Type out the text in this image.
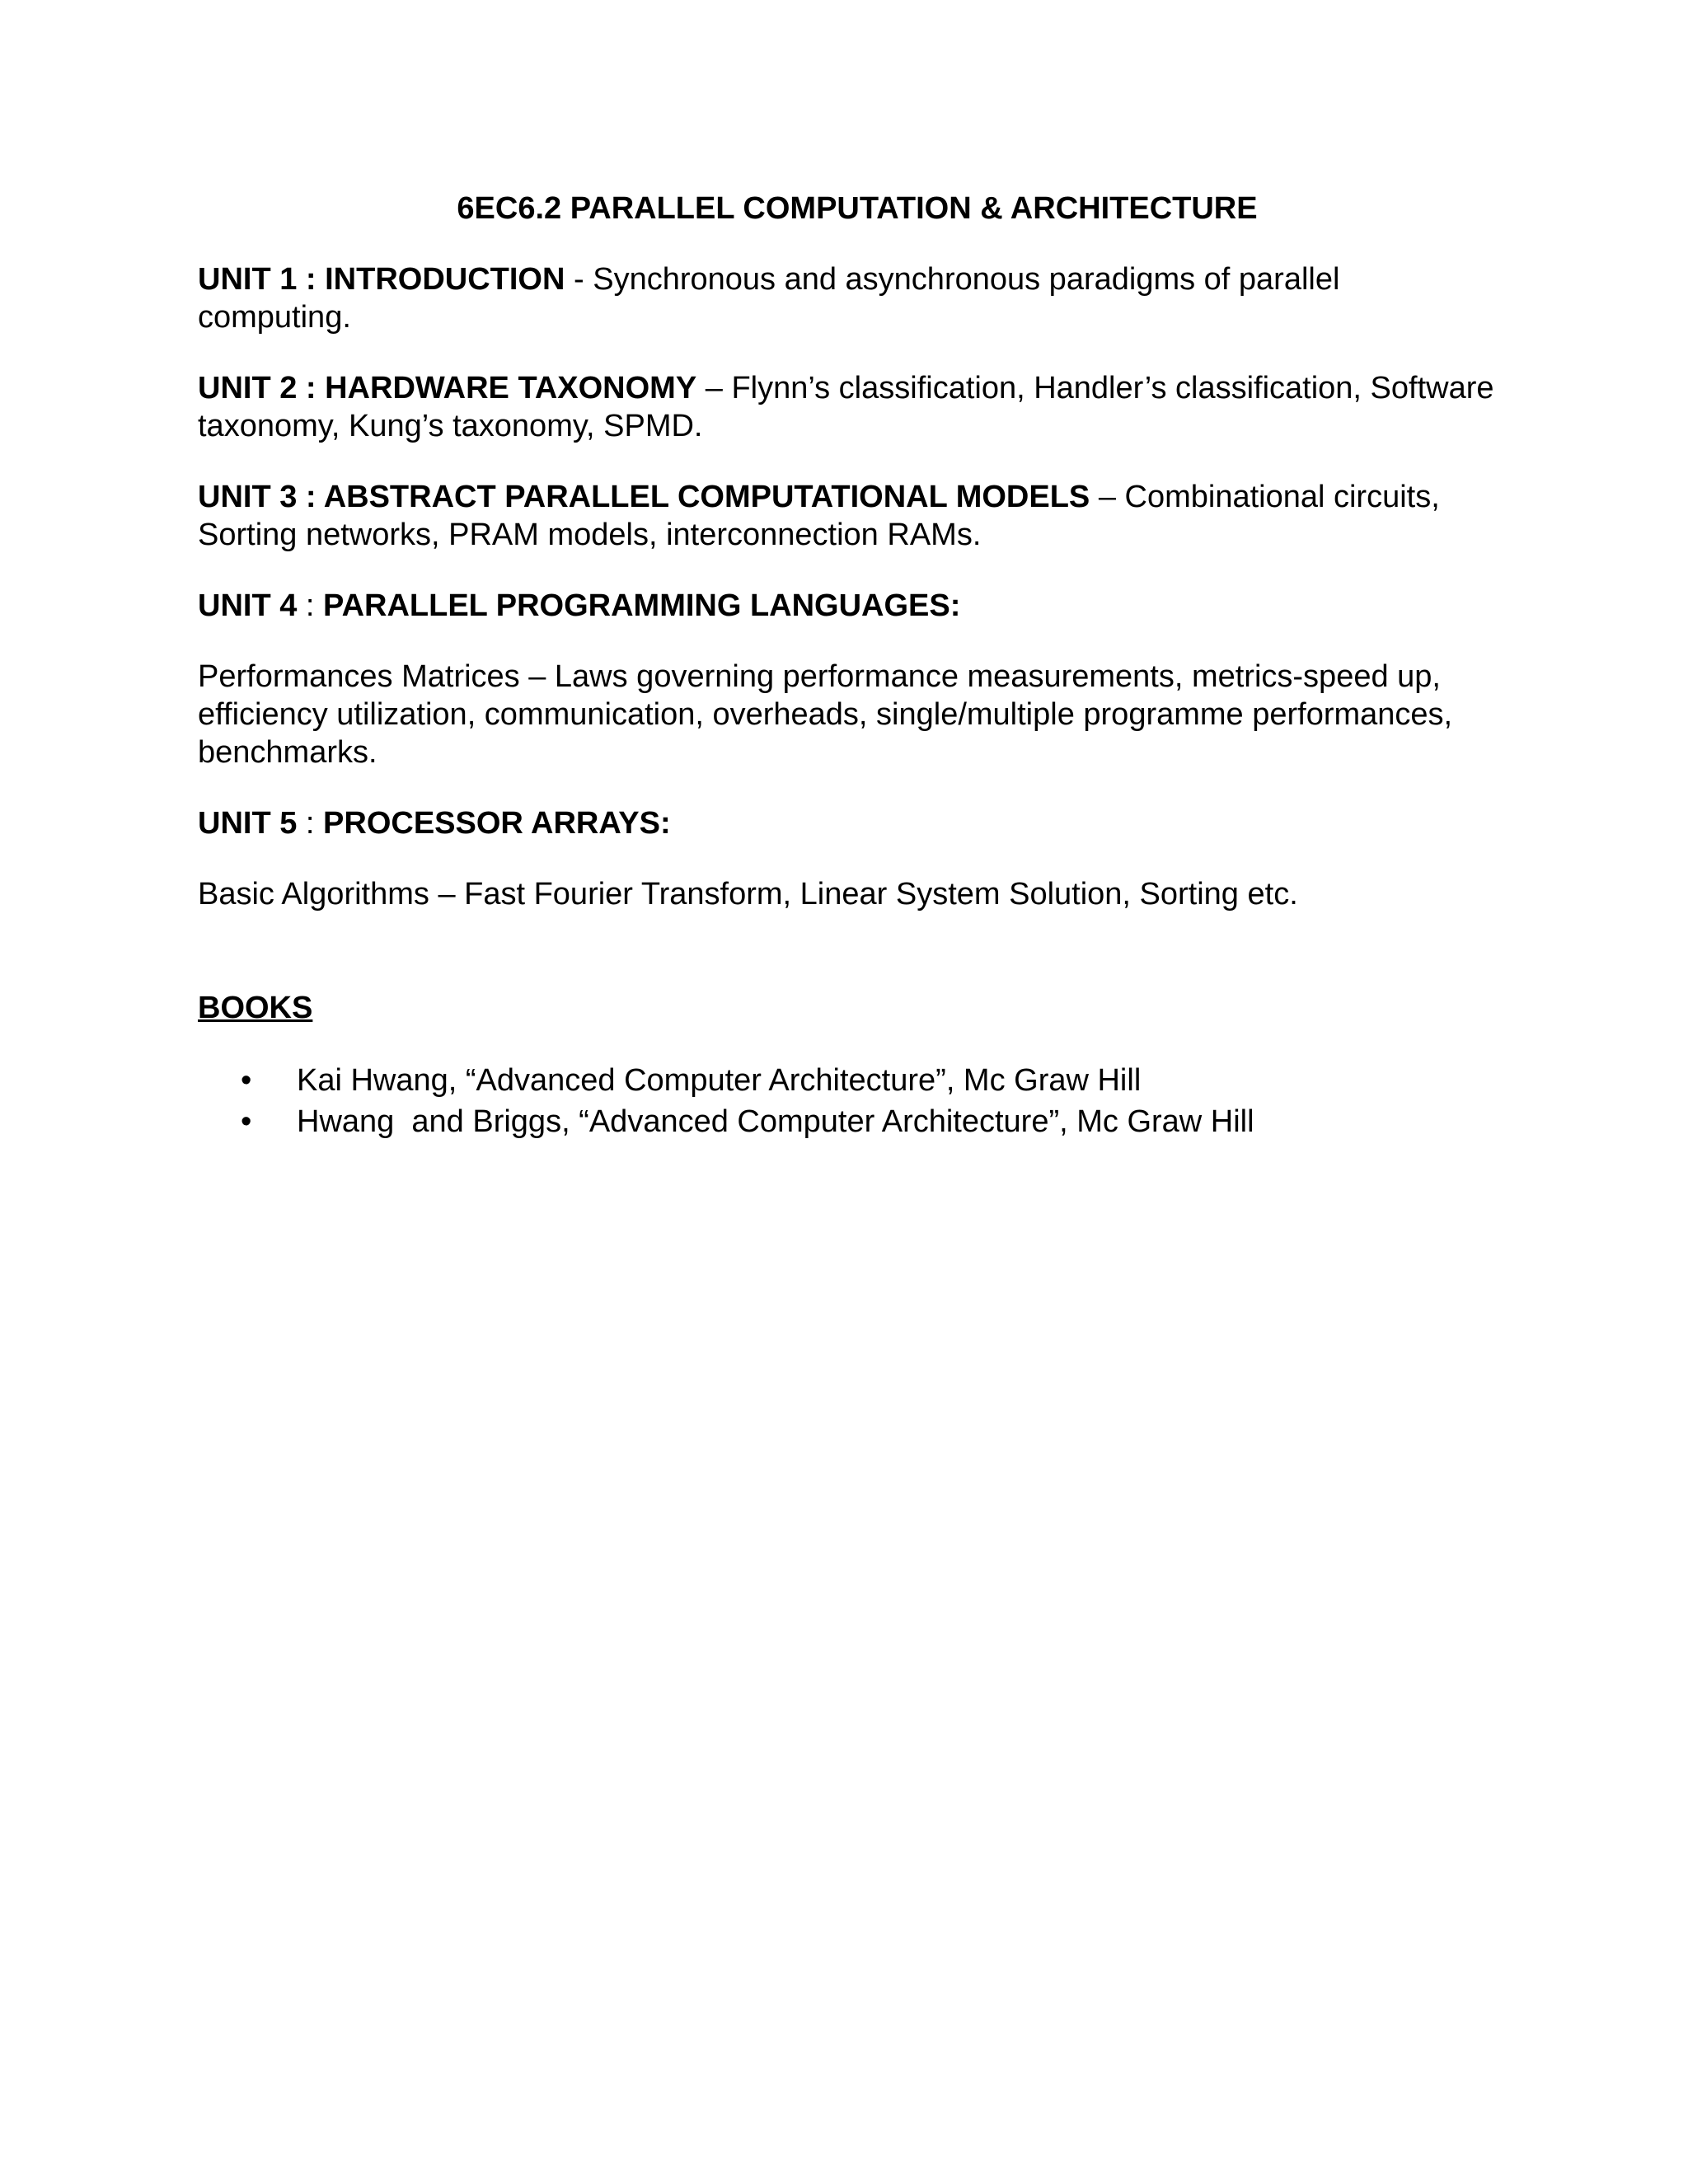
6EC6.2 PARALLEL COMPUTATION & ARCHITECTURE

UNIT 1 : INTRODUCTION - Synchronous and asynchronous paradigms of parallel computing.

UNIT 2 : HARDWARE TAXONOMY – Flynn’s classification, Handler’s classification, Software taxonomy, Kung’s taxonomy, SPMD.

UNIT 3 : ABSTRACT PARALLEL COMPUTATIONAL MODELS – Combinational circuits, Sorting networks, PRAM models, interconnection RAMs.

UNIT 4 : PARALLEL PROGRAMMING LANGUAGES:

Performances Matrices – Laws governing performance measurements, metrics-speed up, efficiency utilization, communication, overheads, single/multiple programme performances, benchmarks.

UNIT 5 : PROCESSOR ARRAYS:

Basic Algorithms – Fast Fourier Transform, Linear System Solution, Sorting etc.

BOOKS
• Kai Hwang, “Advanced Computer Architecture”, Mc Graw Hill
• Hwang  and Briggs, “Advanced Computer Architecture”, Mc Graw Hill
